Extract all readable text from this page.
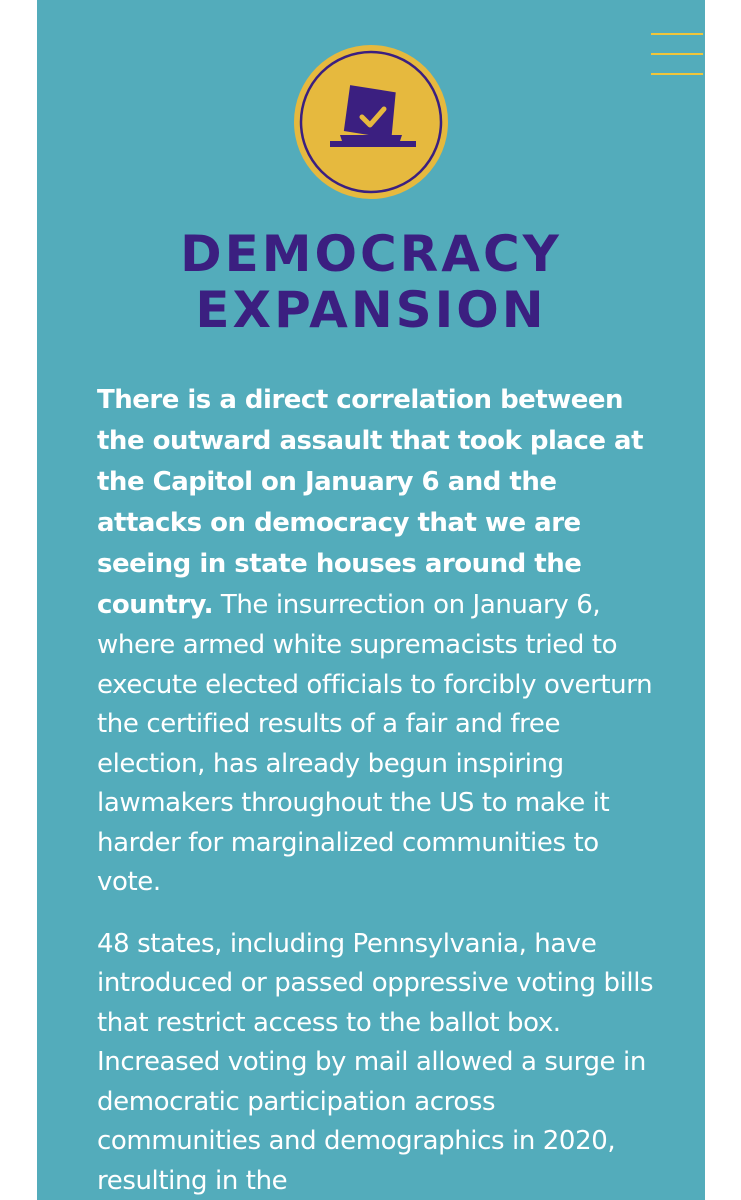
DEMOCRACY
EXPANSION

There is a direct correlation between the outward assault that took place at the Capitol on January 6 and the attacks on democracy that we are seeing in state houses around the country. The insurrection on January 6, where armed white supremacists tried to execute elected officials to forcibly overturn the certified results of a fair and free election, has already begun inspiring lawmakers throughout the US to make it harder for marginalized communities to vote.

48 states, including Pennsylvania, have introduced or passed oppressive voting bills that restrict access to the ballot box. Increased voting by mail allowed a surge in democratic participation across communities and demographics in 2020, resulting in the
